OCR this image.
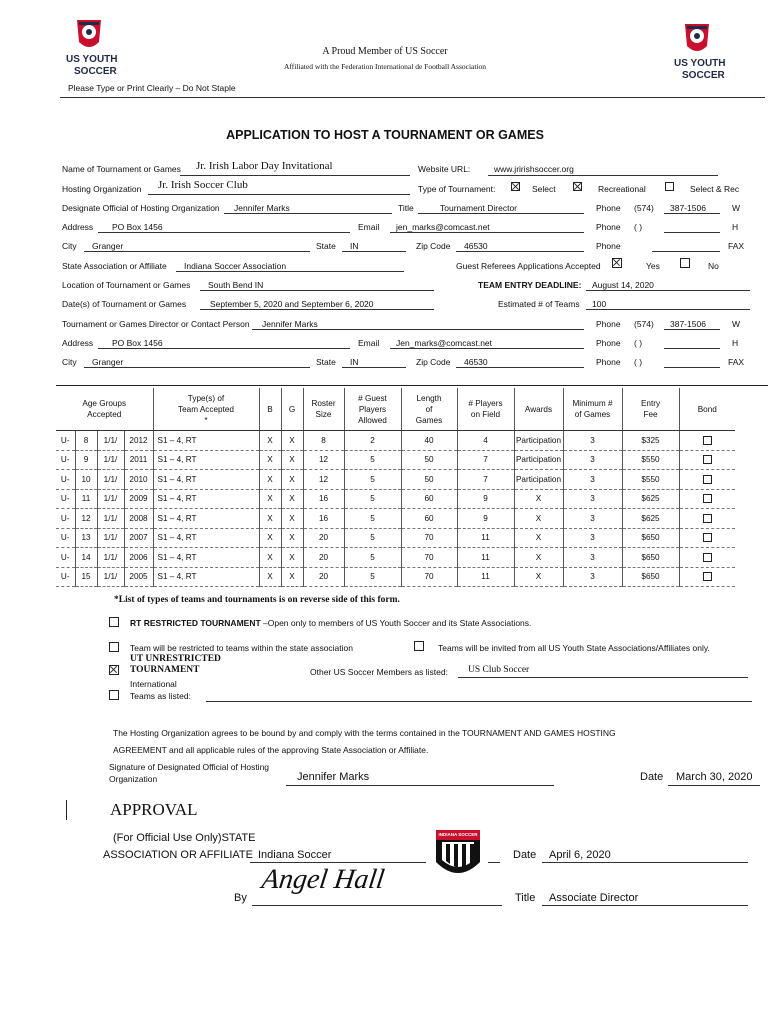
US YOUTH
SOCCER
US YOUTH
SOCCER
A Proud Member of US Soccer
Affiliated with the Federation International de Football Association
Please Type or Print Clearly – Do Not Staple
APPLICATION TO HOST A TOURNAMENT OR GAMES
Name of Tournament or Games Jr. Irish Labor Day Invitational	Website URL:	www.jririshsoccer.org
Hosting Organization Jr. Irish Soccer Club	Type of Tournament:	Select	Recreational	Select & Rec
Designate Official of Hosting Organization Jennifer Marks	Title	Tournament Director	Phone (574) 387-1506	W
Address PO Box 1456	Email jen_marks@comcast.net	Phone ( )	H
City Granger	State IN	Zip Code 46530	Phone	FAX
State Association or Affiliate Indiana Soccer Association	Guest Referees Applications Accepted	Yes	No
Location of Tournament or Games South Bend IN	TEAM ENTRY DEADLINE: August 14, 2020
Date(s) of Tournament or Games	September 5, 2020 and September 6, 2020	Estimated # of Teams 100
Tournament or Games Director or Contact Person Jennifer Marks	Phone (574) 387-1506	W
Address PO Box 1456	Email Jen_marks@comcast.net	Phone ( )	H
City Granger	State IN	Zip Code 46530	Phone ( )	FAX
Age Groups Accepted				Type(s) of Team Accepted *	B	G	Roster Size	# Guest Players Allowed	Length of Games	# Players on Field	Awards	Minimum # of Games	Entry Fee	Bond
U-	8	1/1/	2012	S1 – 4, RT	X	X	8	2	40	4	Participation	3	$325	
U-	9	1/1/	2011	S1 – 4, RT	X	X	12	5	50	7	Participation	3	$550	
U-	10	1/1/	2010	S1 – 4, RT	X	X	12	5	50	7	Participation	3	$550	
U-	11	1/1/	2009	S1 – 4, RT	X	X	16	5	60	9	X	3	$625	
U-	12	1/1/	2008	S1 – 4, RT	X	X	16	5	60	9	X	3	$625	
U-	13	1/1/	2007	S1 – 4, RT	X	X	20	5	70	11	X	3	$650	
U-	14	1/1/	2006	S1 – 4, RT	X	X	20	5	70	11	X	3	$650	
U-	15	1/1/	2005	S1 – 4, RT	X	X	20	5	70	11	X	3	$650	
*List of types of teams and tournaments is on reverse side of this form.
RT RESTRICTED TOURNAMENT –Open only to members of US Youth Soccer and its State Associations.
Team will be restricted to teams within the state association	Teams will be invited from all US Youth State Associations/Affiliates only.
UT UNRESTRICTED
TOURNAMENT	Other US Soccer Members as listed: US Club Soccer
International
Teams as listed:
The Hosting Organization agrees to be bound by and comply with the terms contained in the TOURNAMENT AND GAMES HOSTING
AGREEMENT and all applicable rules of the approving State Association or Affiliate.
Signature of Designated Official of Hosting
Organization	Jennifer Marks	Date March 30, 2020
APPROVAL
(For Official Use Only)STATE
ASSOCIATION OR AFFILIATE Indiana Soccer
INDIANA SOCCER
Date April 6, 2020
By
Angel Hall
Title Associate Director
